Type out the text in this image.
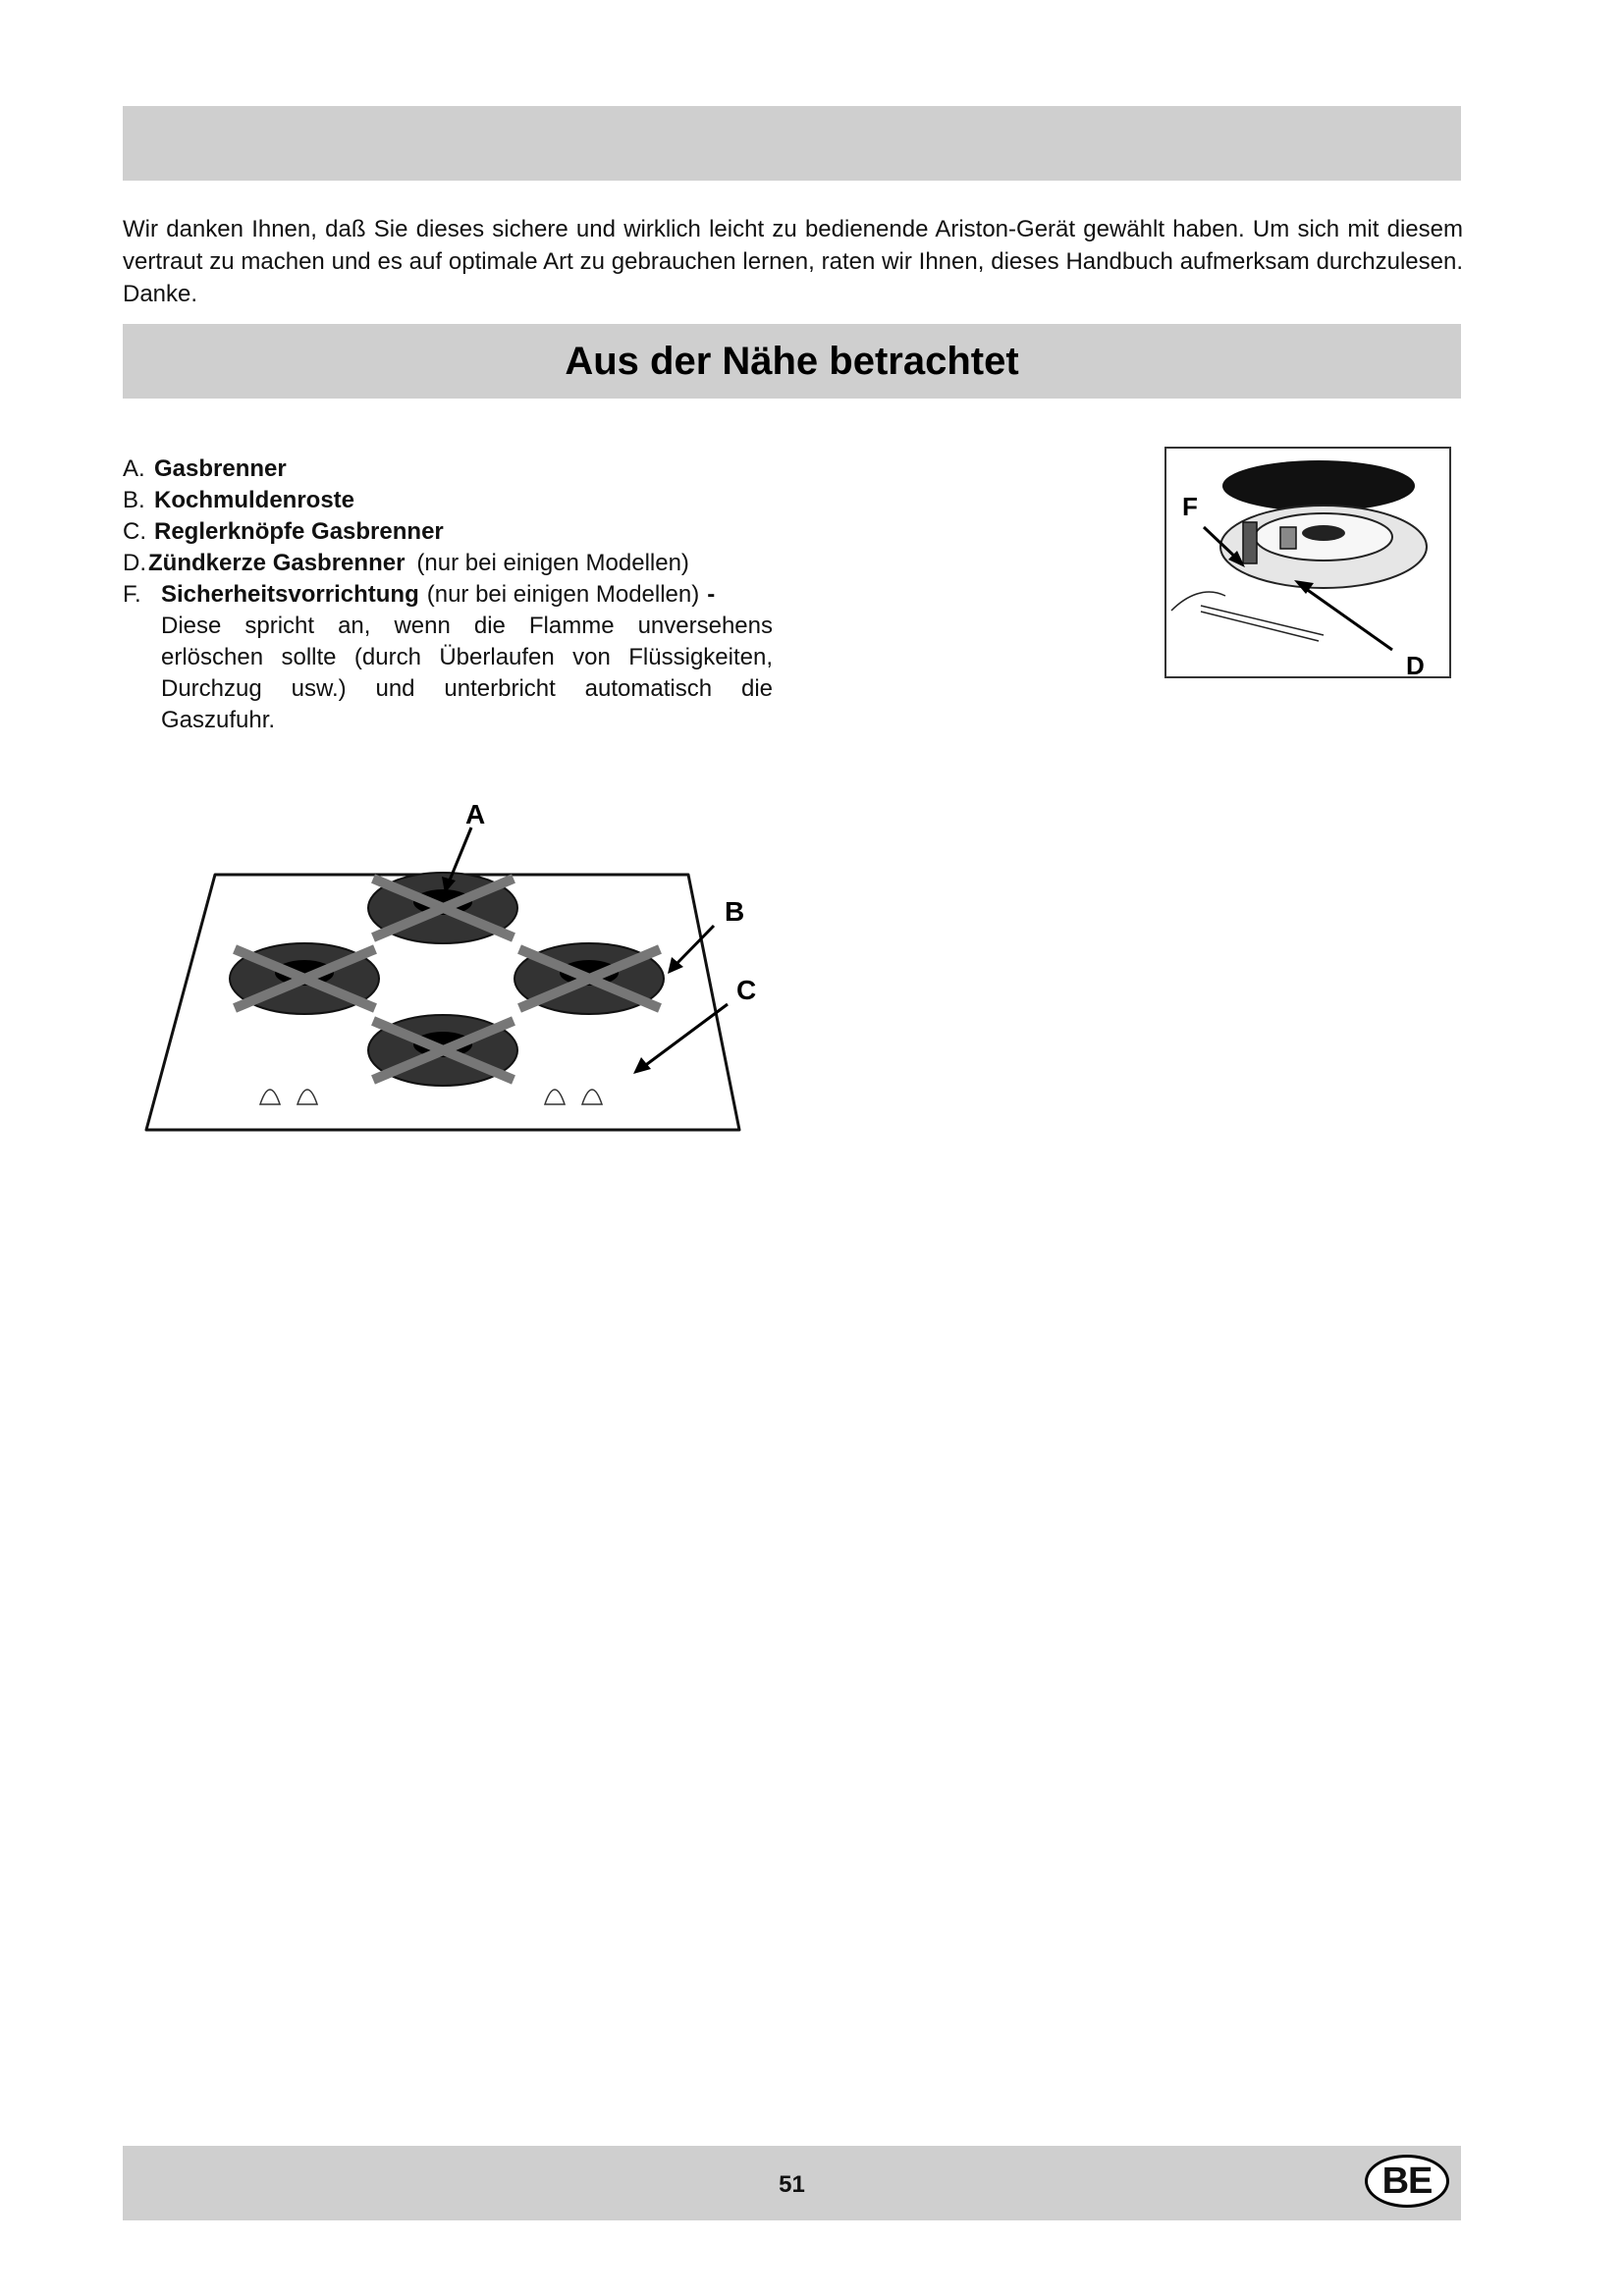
Wir danken Ihnen, daß Sie dieses sichere und wirklich leicht zu bedienende Ariston-Gerät gewählt haben. Um sich mit diesem vertraut zu machen und es auf optimale Art zu gebrauchen lernen, raten wir Ihnen, dieses Handbuch aufmerksam durchzulesen. Danke.

Aus der Nähe betrachtet
A. Gasbrenner
B. Kochmuldenroste
C. Reglerknöpfe Gasbrenner
D. Zündkerze Gasbrenner (nur bei einigen Modellen)
F. Sicherheitsvorrichtung (nur bei einigen Modellen) -
Diese spricht an, wenn die Flamme unversehens erlöschen sollte (durch Überlaufen von Flüssigkeiten, Durchzug usw.) und unterbricht automatisch die Gaszufuhr.
F
D
A
B
C
51	BE
